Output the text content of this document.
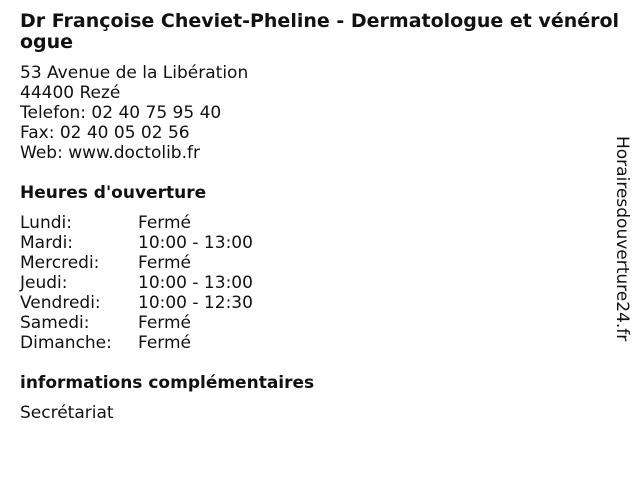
Dr Françoise Cheviet-Pheline - Dermatologue et vénérologue
53 Avenue de la Libération
44400 Rezé
Telefon: 02 40 75 95 40
Fax: 02 40 05 02 56
Web: www.doctolib.fr
Heures d'ouverture
Lundi:	Fermé
Mardi:	10:00 - 13:00
Mercredi:	Fermé
Jeudi:	10:00 - 13:00
Vendredi:	10:00 - 12:30
Samedi:	Fermé
Dimanche:	Fermé
informations complémentaires
Secrétariat
Horairesdouverture24.fr
